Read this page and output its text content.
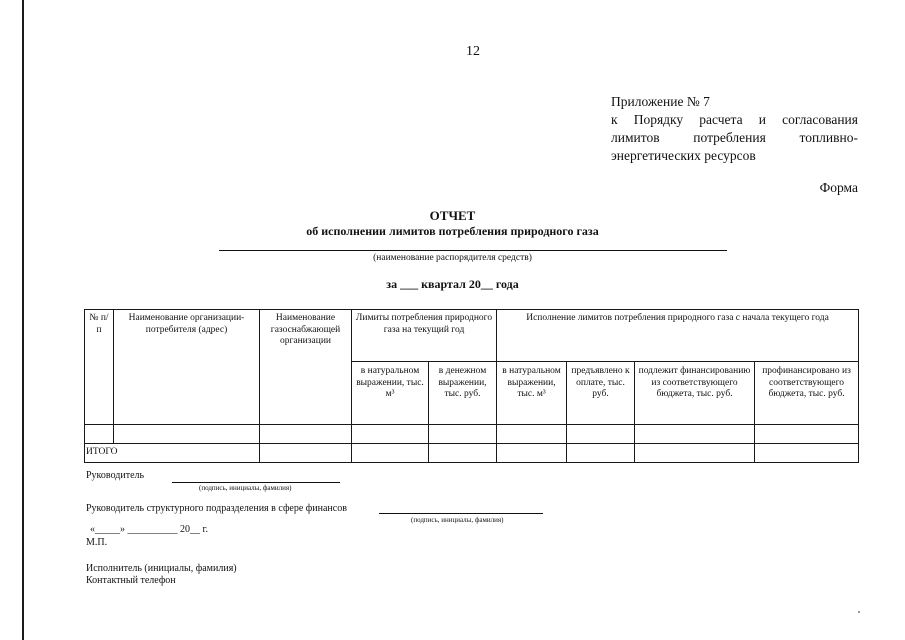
12
Приложение № 7
к Порядку расчета и согласования лимитов потребления топливно-энергетических ресурсов
Форма
ОТЧЕТ
об исполнении лимитов потребления природного газа
(наименование распорядителя средств)
за ___ квартал 20__ года
№ п/п	Наименование организации-потребителя (адрес)	Наименование газоснабжающей организации	Лимиты потребления природного газа на текущий год		Исполнение лимитов потребления природного газа с начала текущего года			
			в натуральном выражении, тыс. м³	в денежном выражении, тыс. руб.	в натуральном выражении, тыс. м³	предъявлено к оплате, тыс. руб.	подлежит финансированию из соответствующего бюджета, тыс. руб.	профинансировано из соответствующего бюджета, тыс. руб.

ИТОГО								
Руководитель
(подпись, инициалы, фамилия)
Руководитель структурного подразделения в сфере финансов
(подпись, инициалы, фамилия)
«_____» __________ 20__ г.
М.П.
Исполнитель (инициалы, фамилия)
Контактный телефон
